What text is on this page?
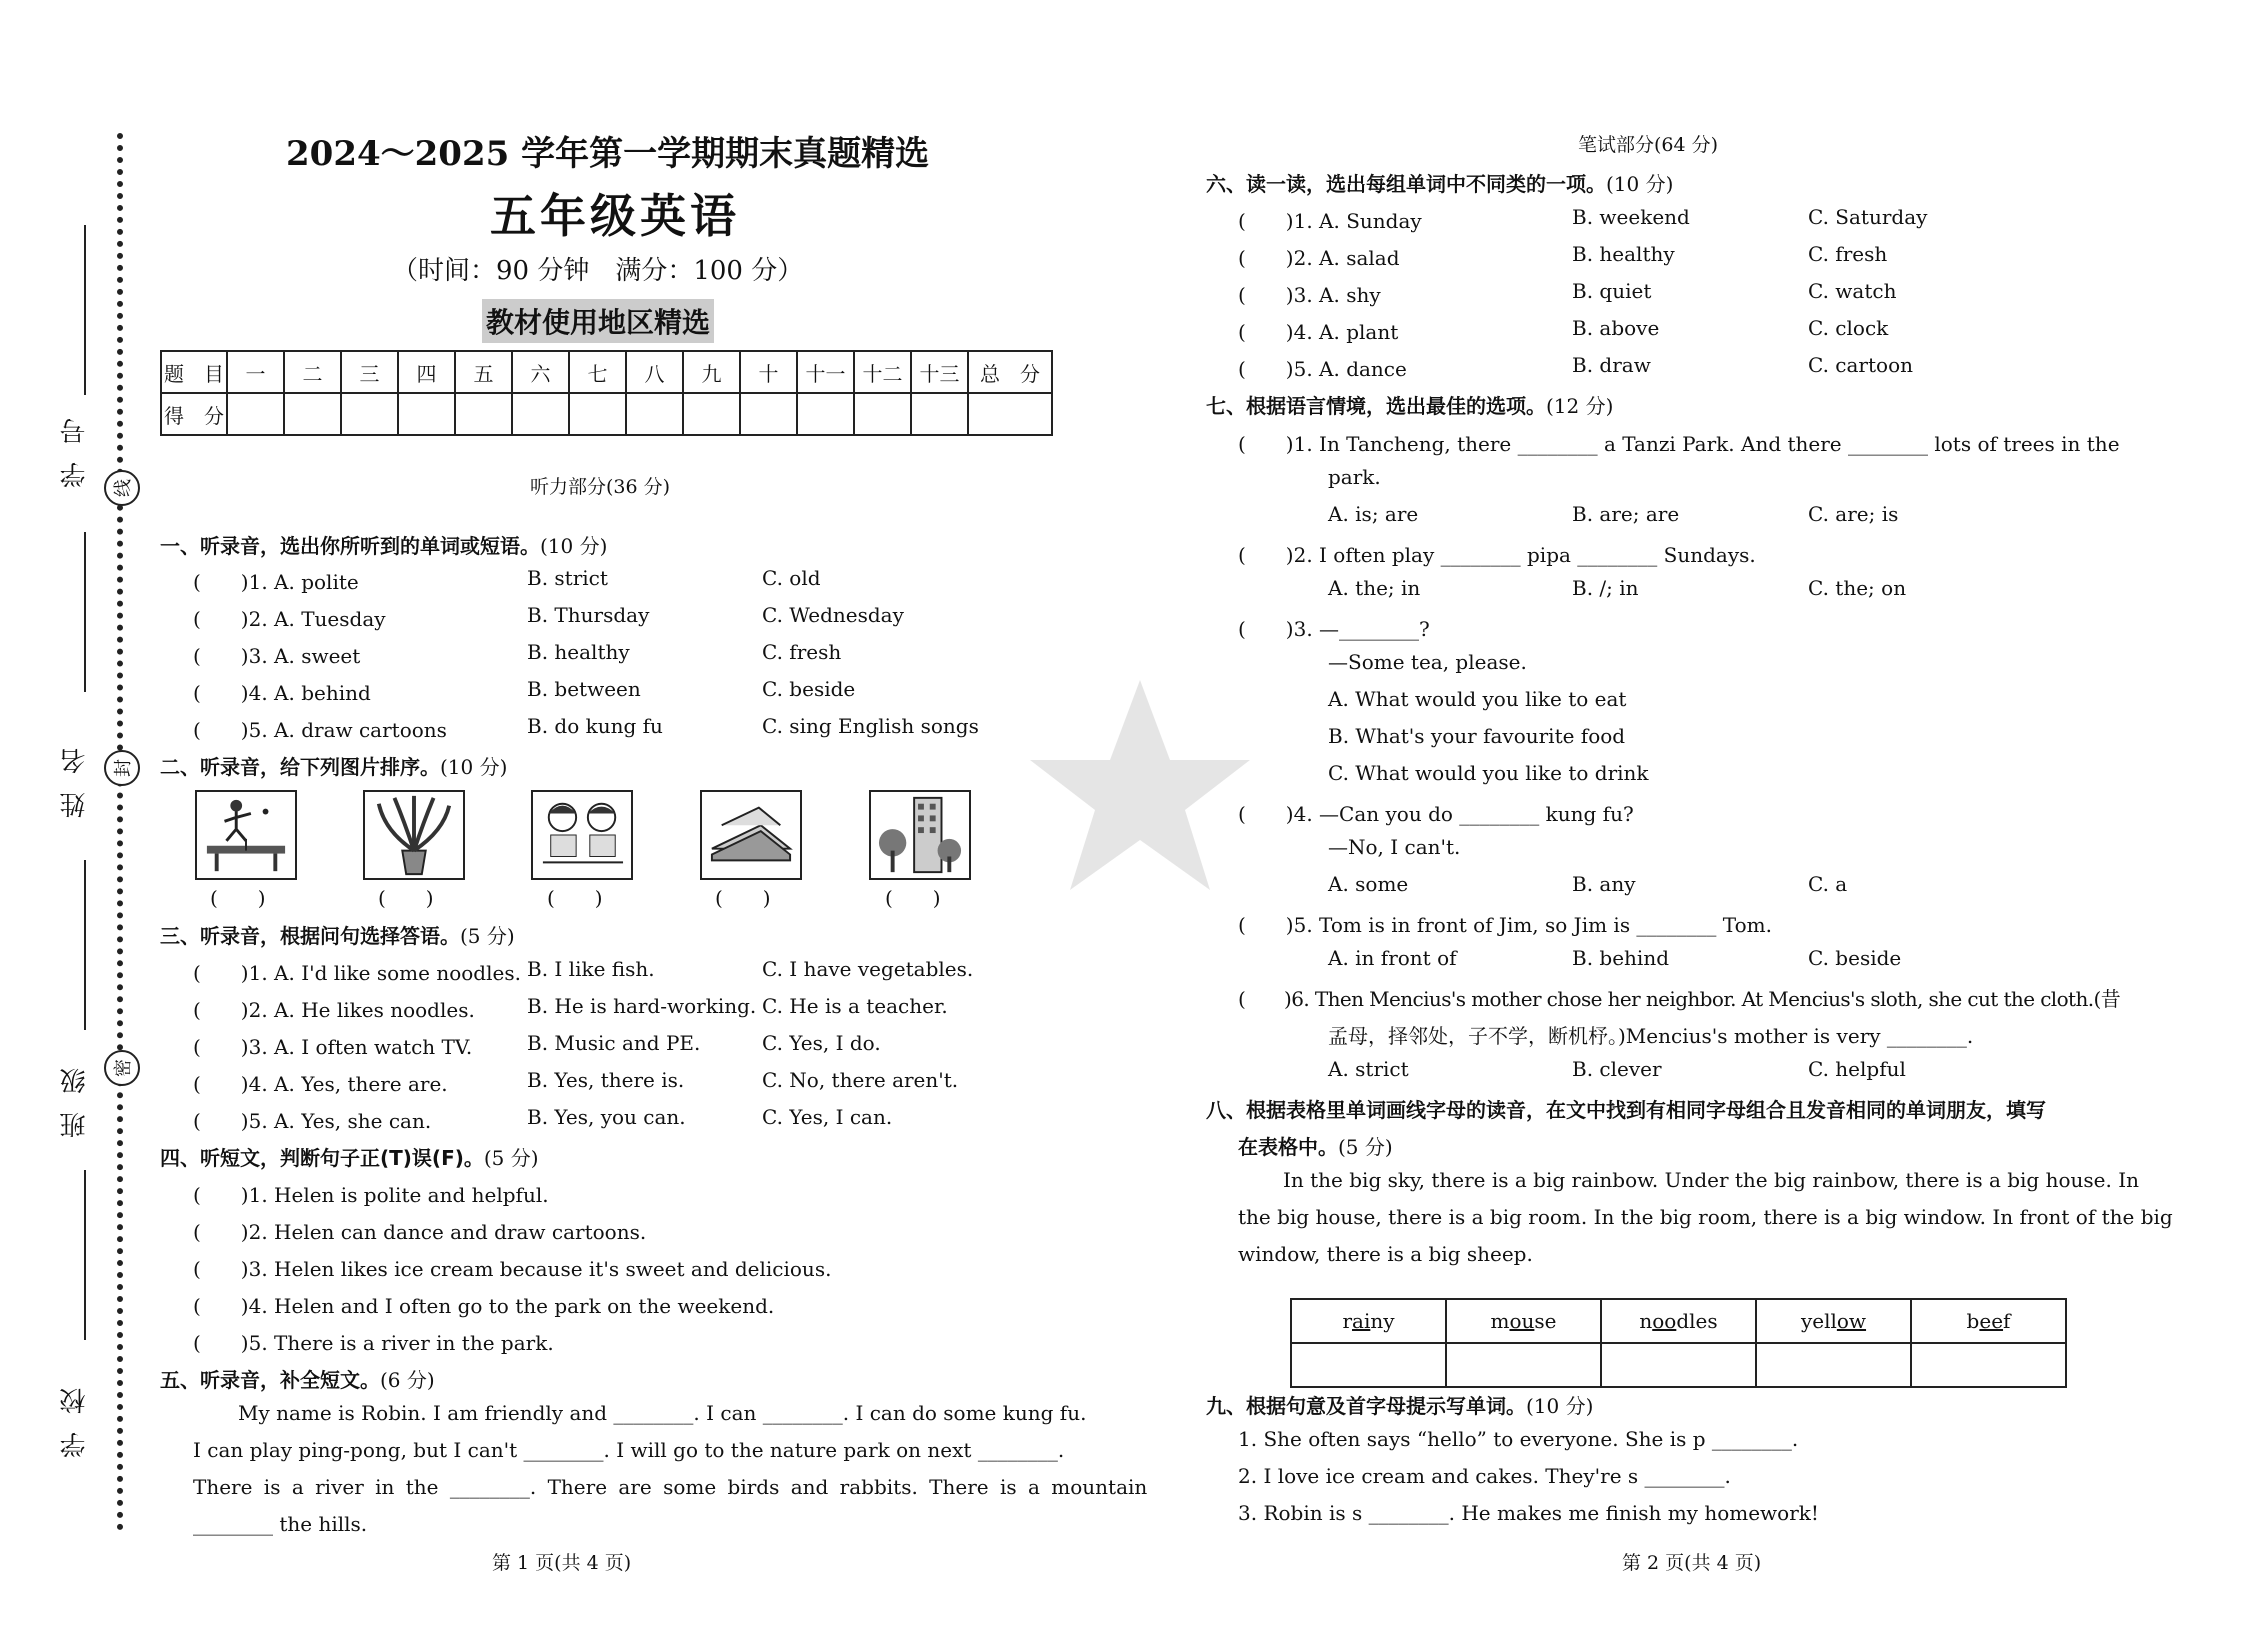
学号
姓名
班级
学校
线
封
密
2024～2025 学年第一学期期末真题精选
五年级英语
（时间：90 分钟　满分：100 分）
教材使用地区精选
题　目	一	二	三	四	五	六	七	八	九	十	十一	十二	十三	总　分
得　分														
听力部分(36 分)
一、听录音，选出你所听到的单词或短语。(10 分)
(　　)1. A. polite	B. strict	C. old
(　　)2. A. Tuesday	B. Thursday	C. Wednesday
(　　)3. A. sweet	B. healthy	C. fresh
(　　)4. A. behind	B. between	C. beside
(　　)5. A. draw cartoons	B. do kung fu	C. sing English songs
二、听录音，给下列图片排序。(10 分)
(　　)	(　　)	(　　)	(　　)	(　　)
三、听录音，根据问句选择答语。(5 分)
(　　)1. A. I'd like some noodles. B. I like fish.	C. I have vegetables.
(　　)2. A. He likes noodles.	B. He is hard-working. C. He is a teacher.
(　　)3. A. I often watch TV.	B. Music and PE.	C. Yes, I do.
(　　)4. A. Yes, there are.	B. Yes, there is.	C. No, there aren't.
(　　)5. A. Yes, she can.	B. Yes, you can.	C. Yes, I can.
四、听短文，判断句子正(T)误(F)。(5 分)
(　　)1. Helen is polite and helpful.
(　　)2. Helen can dance and draw cartoons.
(　　)3. Helen likes ice cream because it's sweet and delicious.
(　　)4. Helen and I often go to the park on the weekend.
(　　)5. There is a river in the park.
五、听录音，补全短文。(6 分)
My name is Robin. I am friendly and ________. I can ________. I can do some kung fu.
I can play ping-pong, but I can't ________. I will go to the nature park on next ________.
There is a river in the ________. There are some birds and rabbits. There is a mountain
________ the hills.
第 1 页(共 4 页)
笔试部分(64 分)
六、读一读，选出每组单词中不同类的一项。(10 分)
(　　)1. A. Sunday	B. weekend	C. Saturday
(　　)2. A. salad	B. healthy	C. fresh
(　　)3. A. shy	B. quiet	C. watch
(　　)4. A. plant	B. above	C. clock
(　　)5. A. dance	B. draw	C. cartoon
七、根据语言情境，选出最佳的选项。(12 分)
(　　)1. In Tancheng, there ________ a Tanzi Park. And there ________ lots of trees in the
park.
A. is; are	B. are; are	C. are; is
(　　)2. I often play ________ pipa ________ Sundays.
A. the; in	B. /; in	C. the; on
(　　)3. —________?
—Some tea, please.
A. What would you like to eat
B. What's your favourite food
C. What would you like to drink
(　　)4. —Can you do ________ kung fu?
—No, I can't.
A. some	B. any	C. a
(　　)5. Tom is in front of Jim, so Jim is ________ Tom.
A. in front of	B. behind	C. beside
(　　)6. Then Mencius's mother chose her neighbor. At Mencius's sloth, she cut the cloth.(昔
孟母，择邻处，子不学，断机杼。)Mencius's mother is very ________.
A. strict	B. clever	C. helpful
八、根据表格里单词画线字母的读音，在文中找到有相同字母组合且发音相同的单词朋友，填写
在表格中。(5 分)
In the big sky, there is a big rainbow. Under the big rainbow, there is a big house. In
the big house, there is a big room. In the big room, there is a big window. In front of the big
window, there is a big sheep.
rainy	mouse	noodles	yellow	beef

九、根据句意及首字母提示写单词。(10 分)
1. She often says “hello” to everyone. She is p ________.
2. I love ice cream and cakes. They're s ________.
3. Robin is s ________. He makes me finish my homework!
第 2 页(共 4 页)
